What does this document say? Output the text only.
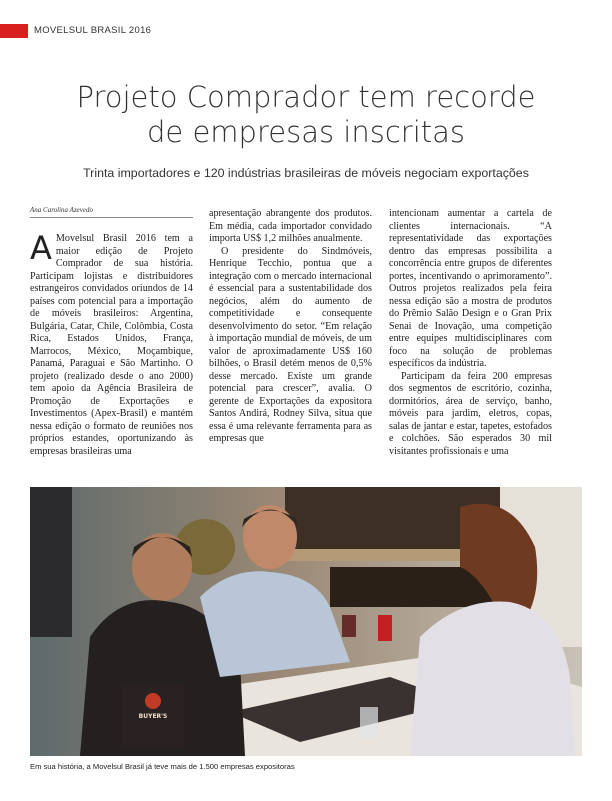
MOVELSUL BRASIL 2016
Projeto Comprador tem recorde
de empresas inscritas
Trinta importadores e 120 indústrias brasileiras de móveis negociam exportações
Ana Carolina Azevedo

A Movelsul Brasil 2016 tem a maior edição de Projeto Comprador de sua história. Participam lojistas e distribuidores estrangeiros convidados oriundos de 14 países com potencial para a importação de móveis brasileiros: Argentina, Bulgária, Catar, Chile, Colômbia, Costa Rica, Estados Unidos, França, Marrocos, México, Moçambique, Panamá, Paraguai e São Martinho. O projeto (realizado desde o ano 2000) tem apoio da Agência Brasileira de Promoção de Exportações e Investimentos (Apex-Brasil) e mantém nessa edição o formato de reuniões nos próprios estandes, oportunizando às empresas brasileiras uma

apresentação abrangente dos produtos. Em média, cada importador convidado importa US$ 1,2 milhões anualmente.

O presidente do Sindmóveis, Henrique Tecchio, pontua que a integração com o mercado internacional é essencial para a sustentabilidade dos negócios, além do aumento de competitividade e consequente desenvolvimento do setor. “Em relação à importação mundial de móveis, de um valor de aproximadamente US$ 160 bilhões, o Brasil detém menos de 0,5% desse mercado. Existe um grande potencial para crescer”, avalia. O gerente de Exportações da expositora Santos Andirá, Rodney Silva, situa que essa é uma relevante ferramenta para as empresas que

intencionam aumentar a cartela de clientes internacionais. “A representatividade das exportações dentro das empresas possibilita a concorrência entre grupos de diferentes portes, incentivando o aprimoramento”. Outros projetos realizados pela feira nessa edição são a mostra de produtos do Prêmio Salão Design e o Gran Prix Senai de Inovação, uma competição entre equipes multidisciplinares com foco na solução de problemas específicos da indústria.

Participam da feira 200 empresas dos segmentos de escritório, cozinha, dormitórios, área de serviço, banho, móveis para jardim, eletros, copas, salas de jantar e estar, tapetes, estofados e colchões. São esperados 30 mil visitantes profissionais e uma

BUYER'S
Em sua história, a Movelsul Brasil já teve mais de 1.500 empresas expositoras
